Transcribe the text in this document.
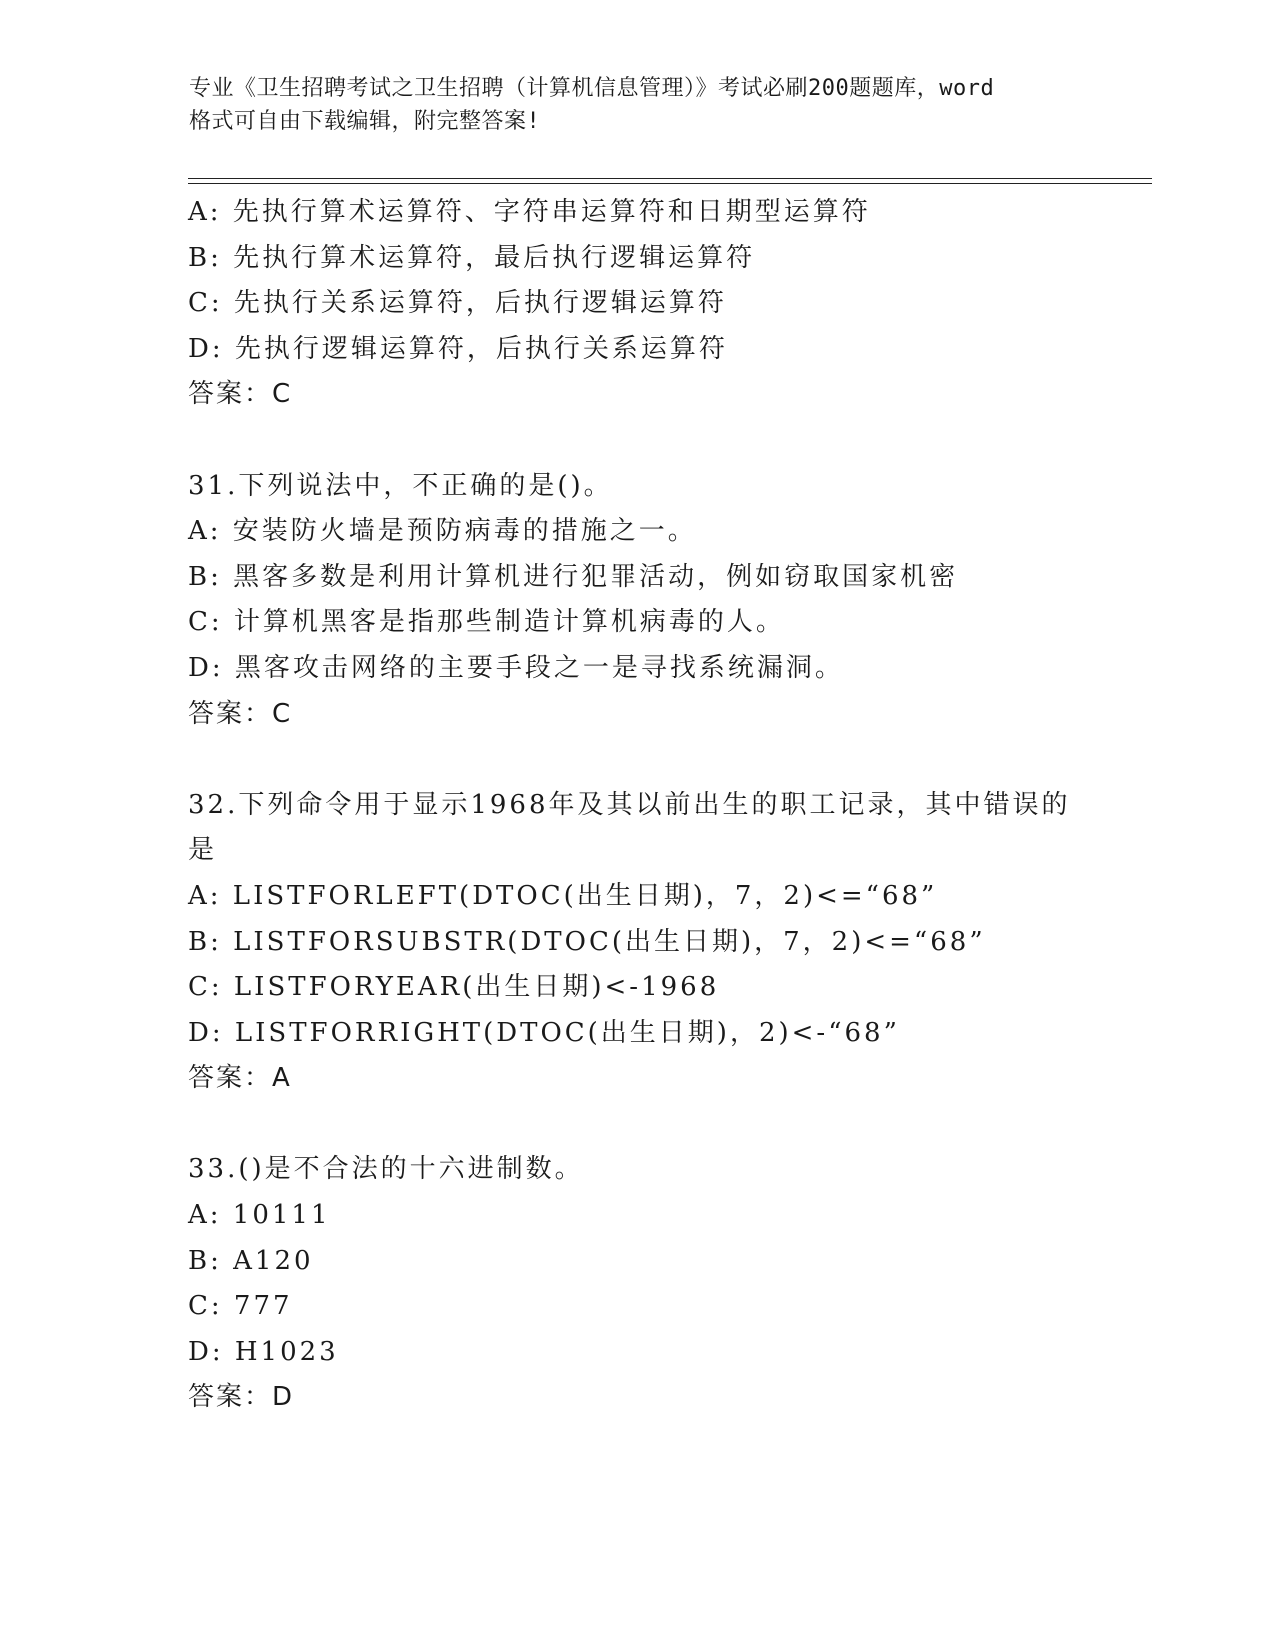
专业《卫生招聘考试之卫生招聘（计算机信息管理）》考试必刷200题题库，word
格式可自由下载编辑，附完整答案!
A: 先执行算术运算符、字符串运算符和日期型运算符
B: 先执行算术运算符，最后执行逻辑运算符
C: 先执行关系运算符，后执行逻辑运算符
D: 先执行逻辑运算符，后执行关系运算符
答案：C
31.下列说法中，不正确的是()。
A: 安装防火墙是预防病毒的措施之一。
B: 黑客多数是利用计算机进行犯罪活动，例如窃取国家机密
C: 计算机黑客是指那些制造计算机病毒的人。
D: 黑客攻击网络的主要手段之一是寻找系统漏洞。
答案：C
32.下列命令用于显示1968年及其以前出生的职工记录，其中错误的
是
A: LISTFORLEFT(DTOC(出生日期)，7，2)<=“68”
B: LISTFORSUBSTR(DTOC(出生日期)，7，2)<=“68”
C: LISTFORYEAR(出生日期)<-1968
D: LISTFORRIGHT(DTOC(出生日期)，2)<-“68”
答案：A
33.()是不合法的十六进制数。
A: 10111
B: A120
C: 777
D: H1023
答案：D
